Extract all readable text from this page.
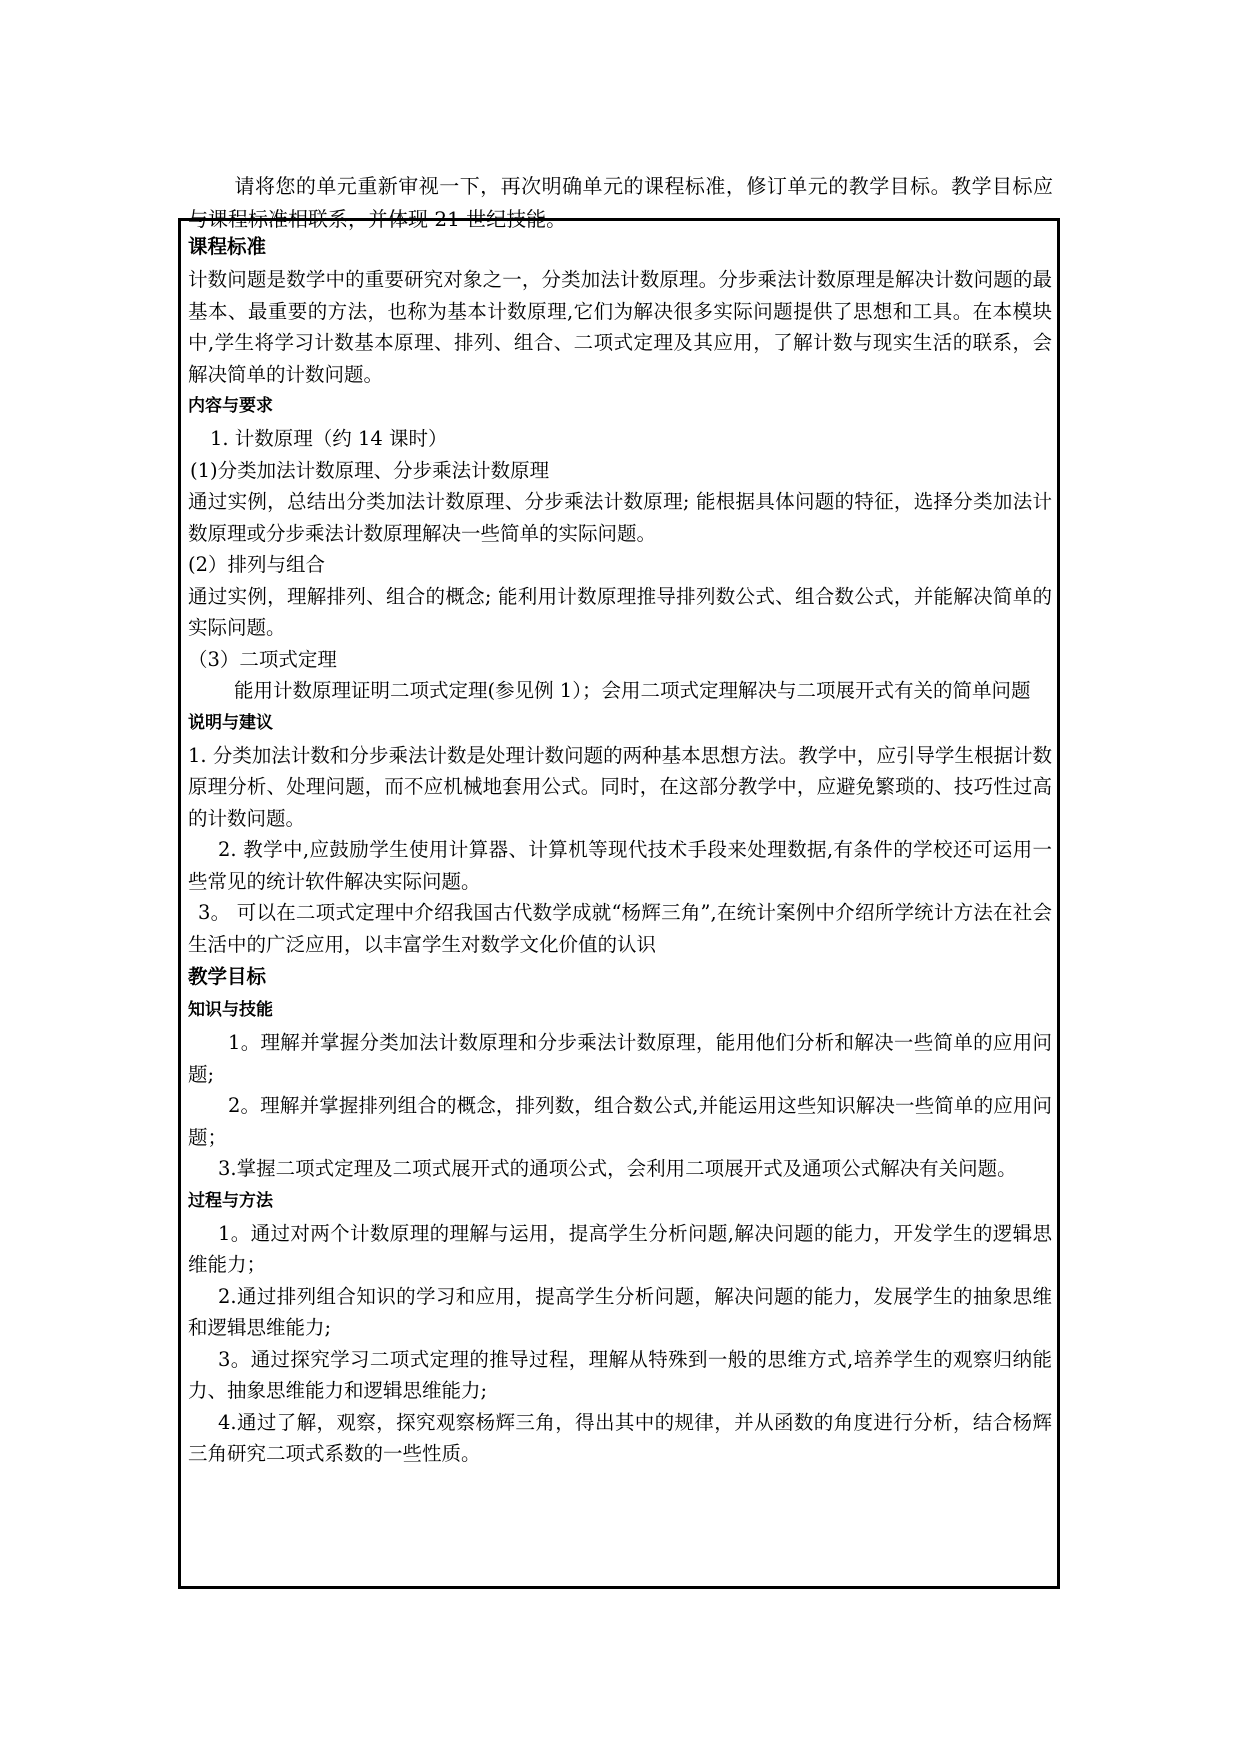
请将您的单元重新审视一下，再次明确单元的课程标准，修订单元的教学目标。教学目标应与课程标准相联系，并体现 21 世纪技能。

课程标准

计数问题是数学中的重要研究对象之一，分类加法计数原理。分步乘法计数原理是解决计数问题的最基本、最重要的方法，也称为基本计数原理,它们为解决很多实际问题提供了思想和工具。在本模块中,学生将学习计数基本原理、排列、组合、二项式定理及其应用，了解计数与现实生活的联系，会解决简单的计数问题。

内容与要求

1. 计数原理（约 14 课时）

(1)分类加法计数原理、分步乘法计数原理

通过实例，总结出分类加法计数原理、分步乘法计数原理; 能根据具体问题的特征，选择分类加法计数原理或分步乘法计数原理解决一些简单的实际问题。

(2）排列与组合

通过实例，理解排列、组合的概念; 能利用计数原理推导排列数公式、组合数公式，并能解决简单的实际问题。

（3）二项式定理

能用计数原理证明二项式定理(参见例 1）；会用二项式定理解决与二项展开式有关的简单问题

说明与建议

1. 分类加法计数和分步乘法计数是处理计数问题的两种基本思想方法。教学中，应引导学生根据计数原理分析、处理问题，而不应机械地套用公式。同时，在这部分教学中，应避免繁琐的、技巧性过高的计数问题。

2. 教学中,应鼓励学生使用计算器、计算机等现代技术手段来处理数据,有条件的学校还可运用一些常见的统计软件解决实际问题。

3。 可以在二项式定理中介绍我国古代数学成就“杨辉三角”,在统计案例中介绍所学统计方法在社会生活中的广泛应用，以丰富学生对数学文化价值的认识

教学目标

知识与技能

1。理解并掌握分类加法计数原理和分步乘法计数原理，能用他们分析和解决一些简单的应用问题;

2。理解并掌握排列组合的概念，排列数，组合数公式,并能运用这些知识解决一些简单的应用问题；

3.掌握二项式定理及二项式展开式的通项公式，会利用二项展开式及通项公式解决有关问题。

过程与方法

1。通过对两个计数原理的理解与运用，提高学生分析问题,解决问题的能力，开发学生的逻辑思维能力；

2.通过排列组合知识的学习和应用，提高学生分析问题，解决问题的能力，发展学生的抽象思维和逻辑思维能力;

3。通过探究学习二项式定理的推导过程，理解从特殊到一般的思维方式,培养学生的观察归纳能力、抽象思维能力和逻辑思维能力;

4.通过了解，观察，探究观察杨辉三角，得出其中的规律，并从函数的角度进行分析，结合杨辉三角研究二项式系数的一些性质。
